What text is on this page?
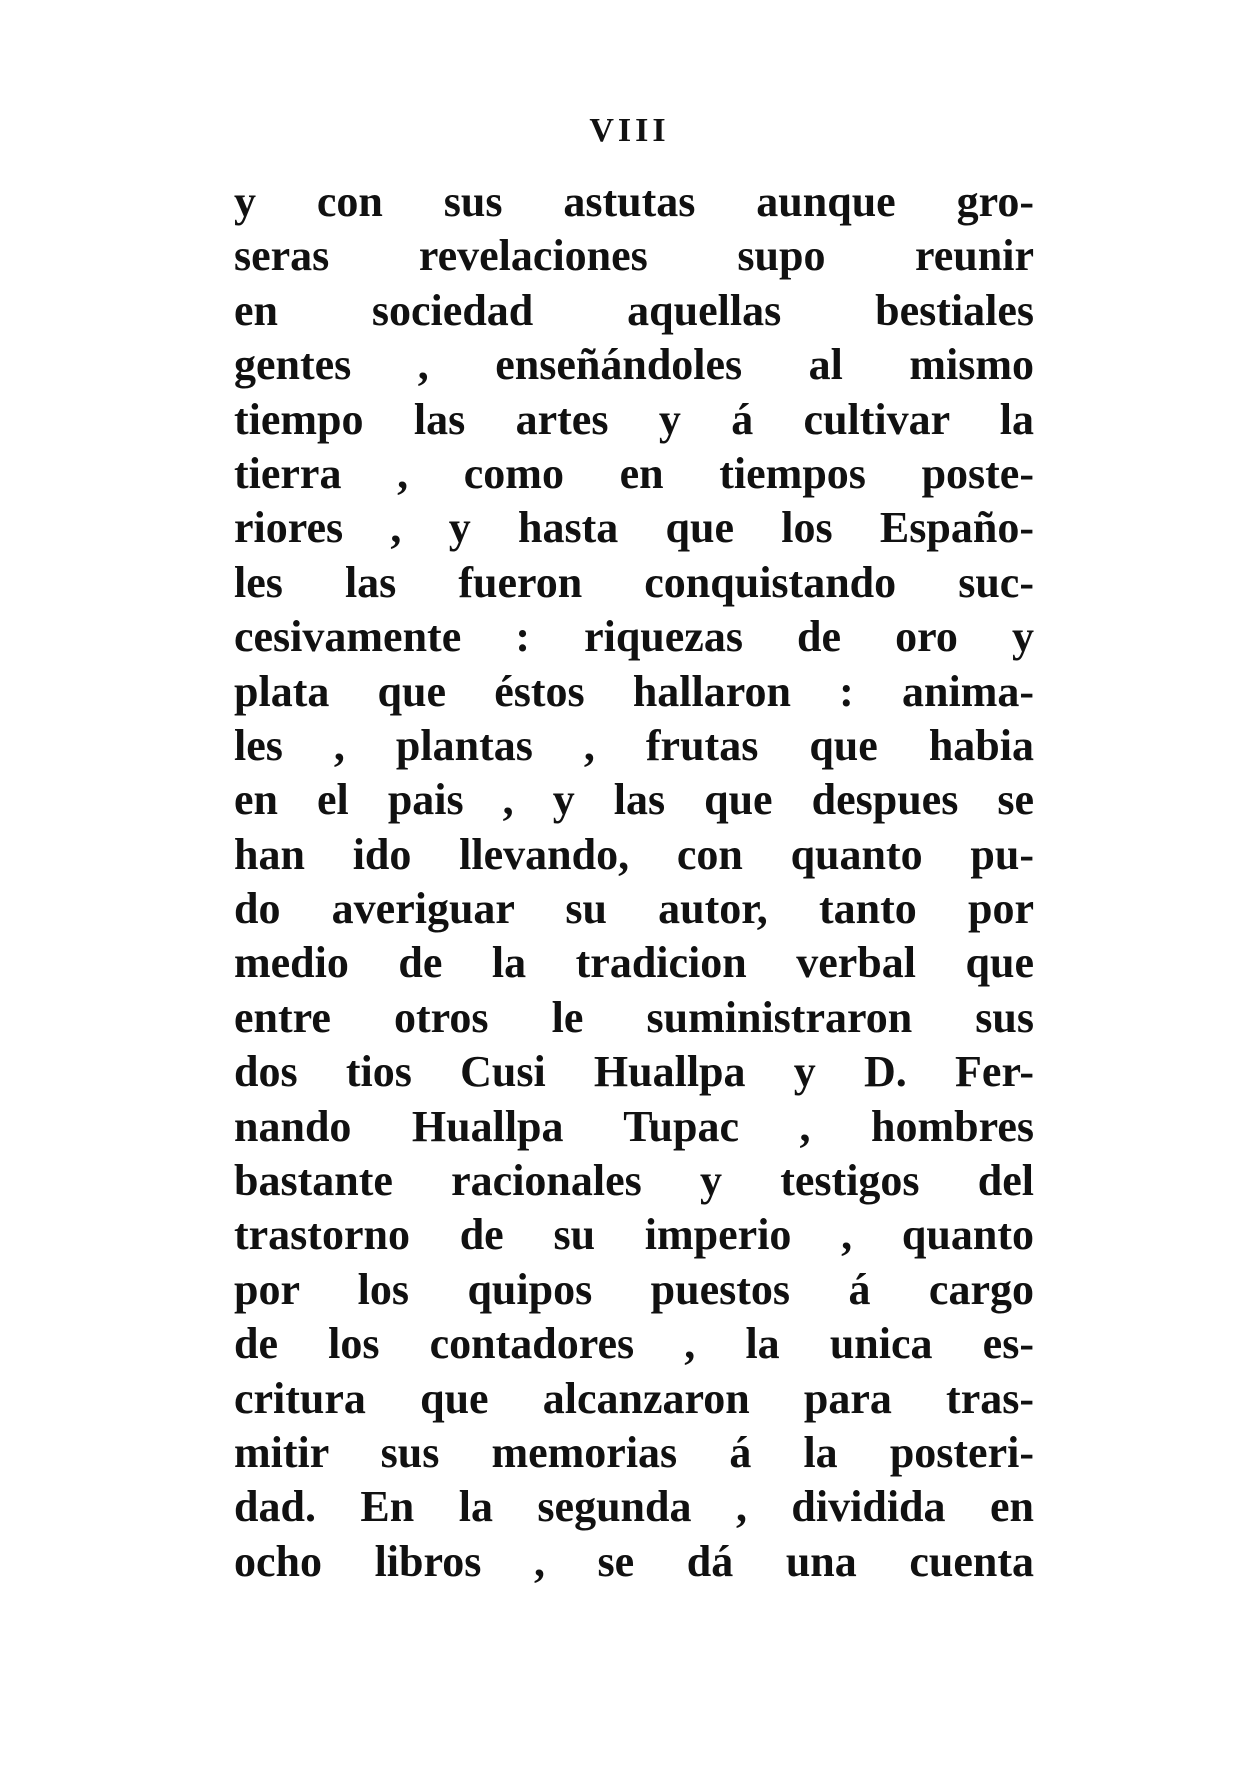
VIII
y con sus astutas aunque gro-
seras revelaciones supo reunir
en sociedad aquellas bestiales
gentes , enseñándoles al mismo
tiempo las artes y á cultivar la
tierra , como en tiempos poste-
riores , y hasta que los Españo-
les las fueron conquistando suc-
cesivamente : riquezas de oro y
plata que éstos hallaron : anima-
les , plantas , frutas que habia
en el pais , y las que despues se
han ido llevando, con quanto pu-
do averiguar su autor, tanto por
medio de la tradicion verbal que
entre otros le suministraron sus
dos tios Cusi Huallpa y D. Fer-
nando Huallpa Tupac , hombres
bastante racionales y testigos del
trastorno de su imperio , quanto
por los quipos puestos á cargo
de los contadores , la unica es-
critura que alcanzaron para tras-
mitir sus memorias á la posteri-
dad. En la segunda , dividida en
ocho libros , se dá una cuenta
